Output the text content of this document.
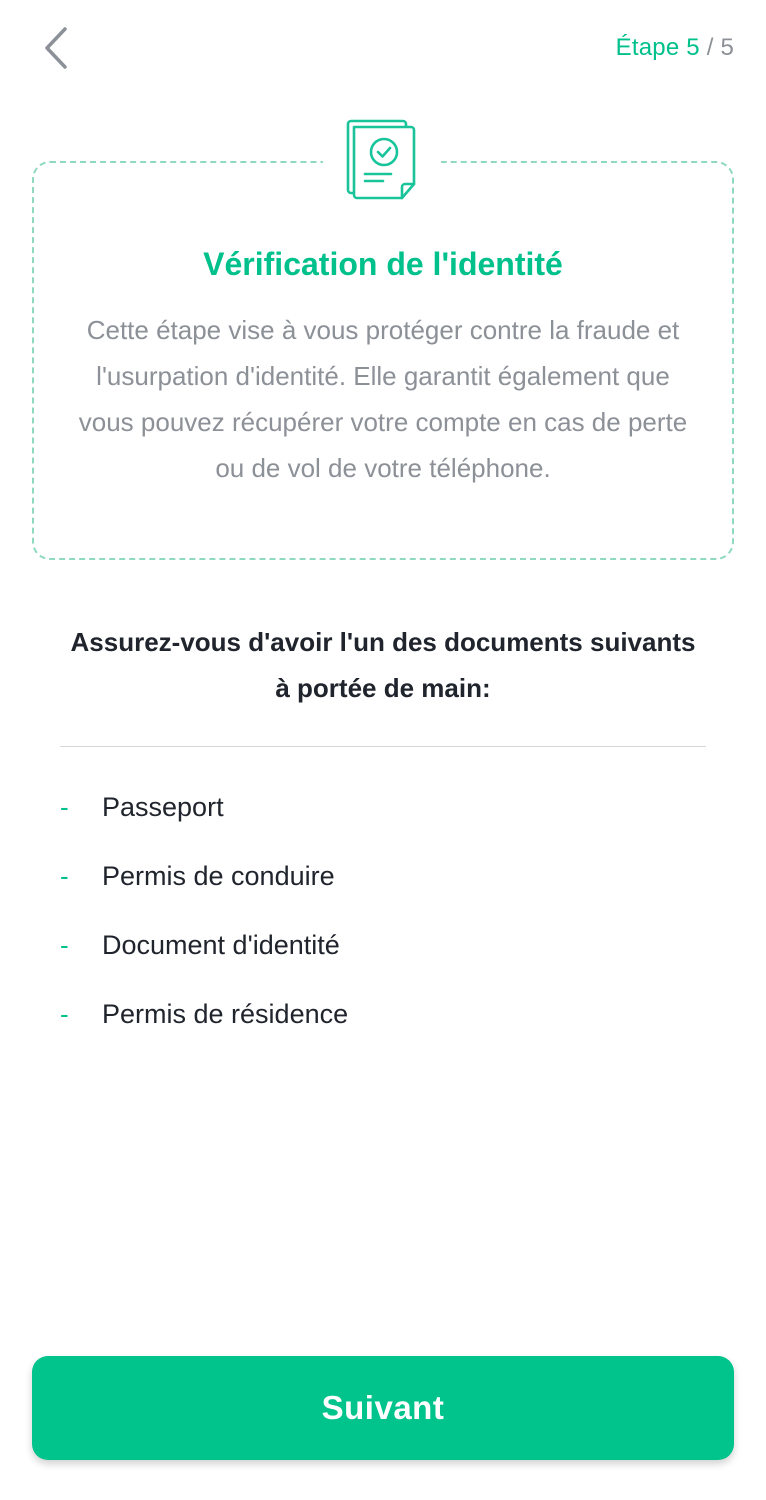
Étape 5 / 5
Vérification de l'identité

Cette étape vise à vous protéger contre la fraude et l'usurpation d'identité. Elle garantit également que vous pouvez récupérer votre compte en cas de perte ou de vol de votre téléphone.

Assurez-vous d'avoir l'un des documents suivants à portée de main:
-	Passeport
-	Permis de conduire
-	Document d'identité
-	Permis de résidence
Suivant
